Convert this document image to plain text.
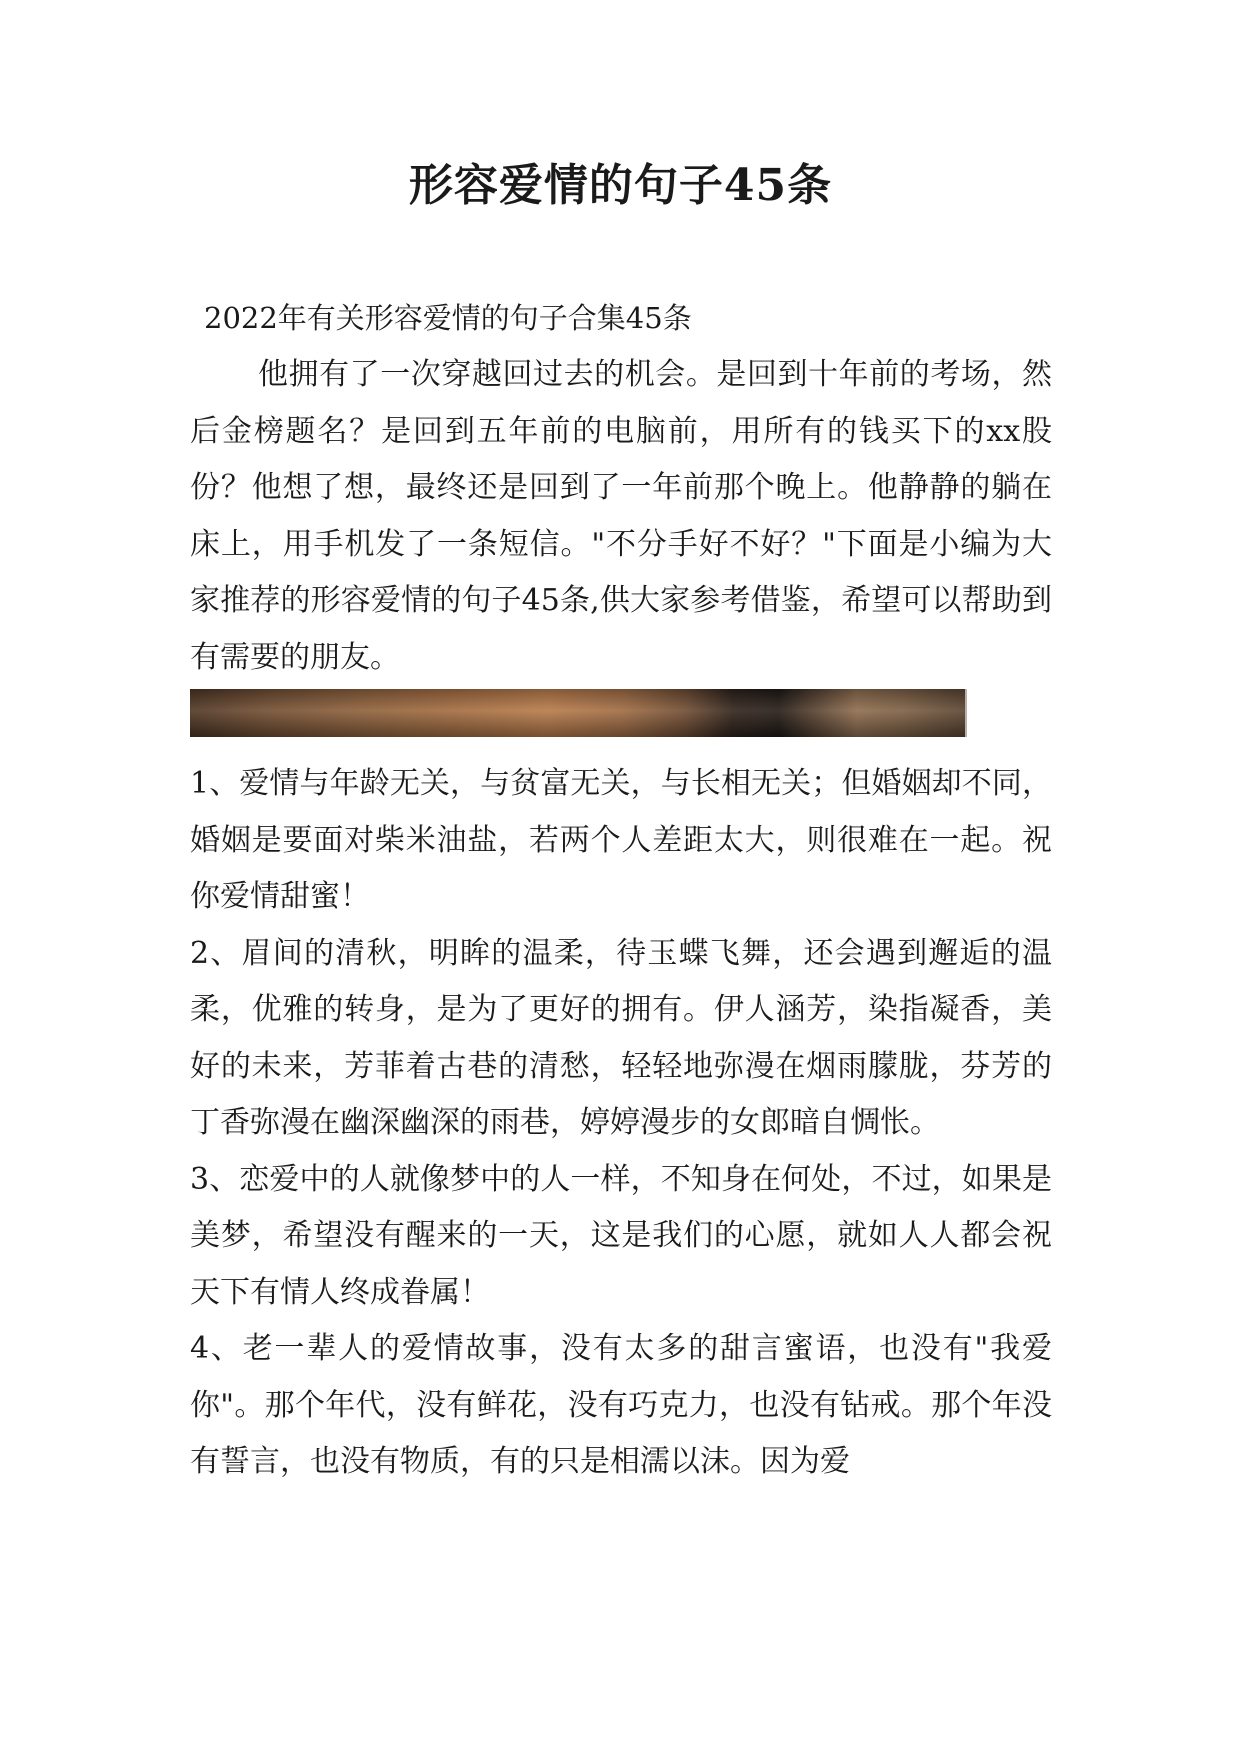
形容爱情的句子45条
2022年有关形容爱情的句子合集45条

他拥有了一次穿越回过去的机会。是回到十年前的考场，然后金榜题名？是回到五年前的电脑前，用所有的钱买下的xx股份？他想了想，最终还是回到了一年前那个晚上。他静静的躺在床上，用手机发了一条短信。"不分手好不好？"下面是小编为大家推荐的形容爱情的句子45条,供大家参考借鉴，希望可以帮助到有需要的朋友。

1、爱情与年龄无关，与贫富无关，与长相无关；但婚姻却不同，婚姻是要面对柴米油盐，若两个人差距太大，则很难在一起。祝你爱情甜蜜！

2、眉间的清秋，明眸的温柔，待玉蝶飞舞，还会遇到邂逅的温柔，优雅的转身，是为了更好的拥有。伊人涵芳，染指凝香，美好的未来，芳菲着古巷的清愁，轻轻地弥漫在烟雨朦胧，芬芳的丁香弥漫在幽深幽深的雨巷，婷婷漫步的女郎暗自惆怅。

3、恋爱中的人就像梦中的人一样，不知身在何处，不过，如果是美梦，希望没有醒来的一天，这是我们的心愿，就如人人都会祝天下有情人终成眷属！

4、老一辈人的爱情故事，没有太多的甜言蜜语，也没有"我爱你"。那个年代，没有鲜花，没有巧克力，也没有钻戒。那个年没有誓言，也没有物质，有的只是相濡以沫。因为爱
